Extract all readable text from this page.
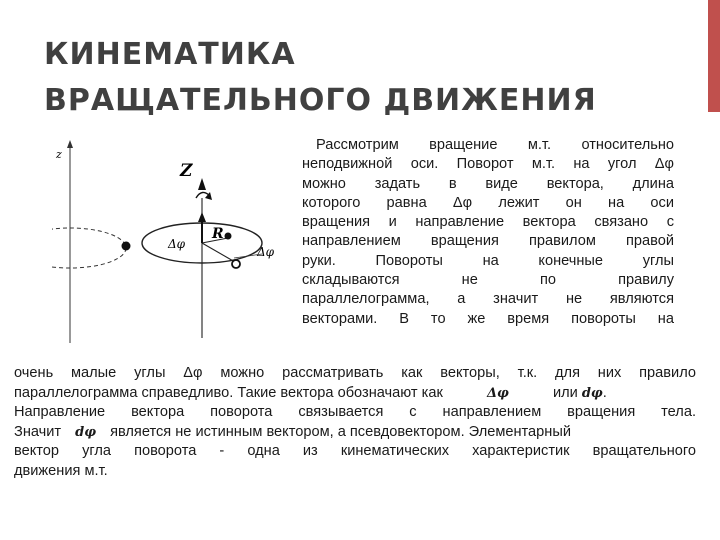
КИНЕМАТИКА
ВРАЩАТЕЛЬНОГО ДВИЖЕНИЯ
z
Z
R
Δφ
Δφ
Рассмотрим вращение м.т. относительно
неподвижной оси. Поворот м.т. на угол Δφ
можно задать в виде вектора, длина
которого равна Δφ лежит он на оси
вращения и направление вектора связано с
направлением вращения правилом правой
руки. Повороты на конечные углы
складываются не по правилу
параллелограмма, а значит не являются
векторами. В то же время повороты на
очень малые углы Δφ можно рассматривать как векторы, т.к. для них правило
параллелограмма справедливо. Такие вектора обозначают как	Δφ	или dφ.
Направление вектора поворота связывается с направлением вращения тела.
Значит dφ является не истинным вектором, а псевдовектором. Элементарный
вектор угла поворота - одна из кинематических характеристик вращательного
движения м.т.
